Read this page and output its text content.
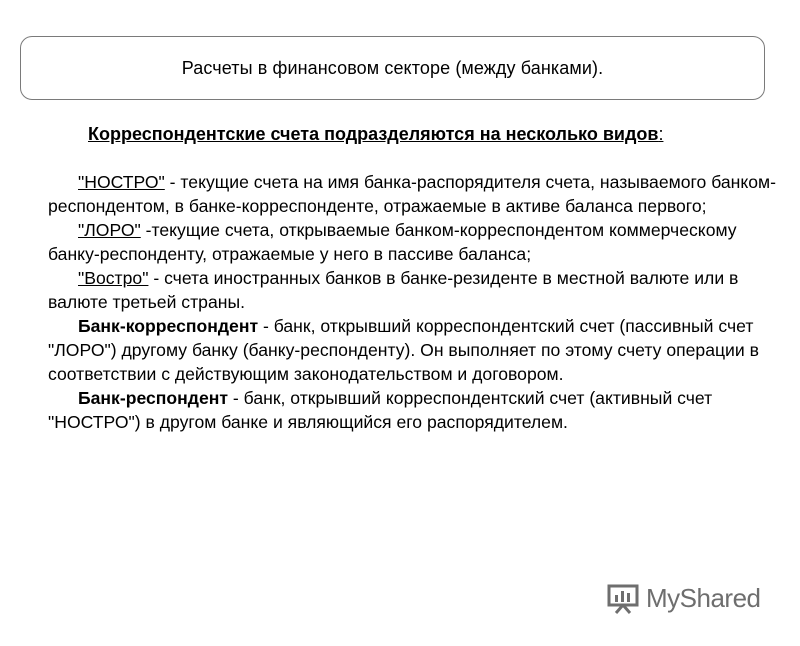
Расчеты в финансовом секторе (между банками).
Корреспондентские счета подразделяются на несколько видов:

"НОСТРО" - текущие счета на имя банка-распорядителя счета, называемого банком-респондентом, в банке-корреспонденте, отражаемые в активе баланса первого;

"ЛОРО" -текущие счета, открываемые банком-корреспондентом коммерческому банку-респонденту, отражаемые у него в пассиве баланса;

"Востро" - счета иностранных банков в банке-резиденте в местной валюте или в валюте третьей страны.

Банк-корреспондент - банк, открывший корреспондентский счет (пассивный счет "ЛОРО") другому банку (банку-респонденту). Он выполняет по этому счету операции в соответствии с действующим законодательством и договором.

Банк-респондент - банк, открывший корреспондентский счет (активный счет "НОСТРО") в другом банке и являющийся его распорядителем.

MyShared
